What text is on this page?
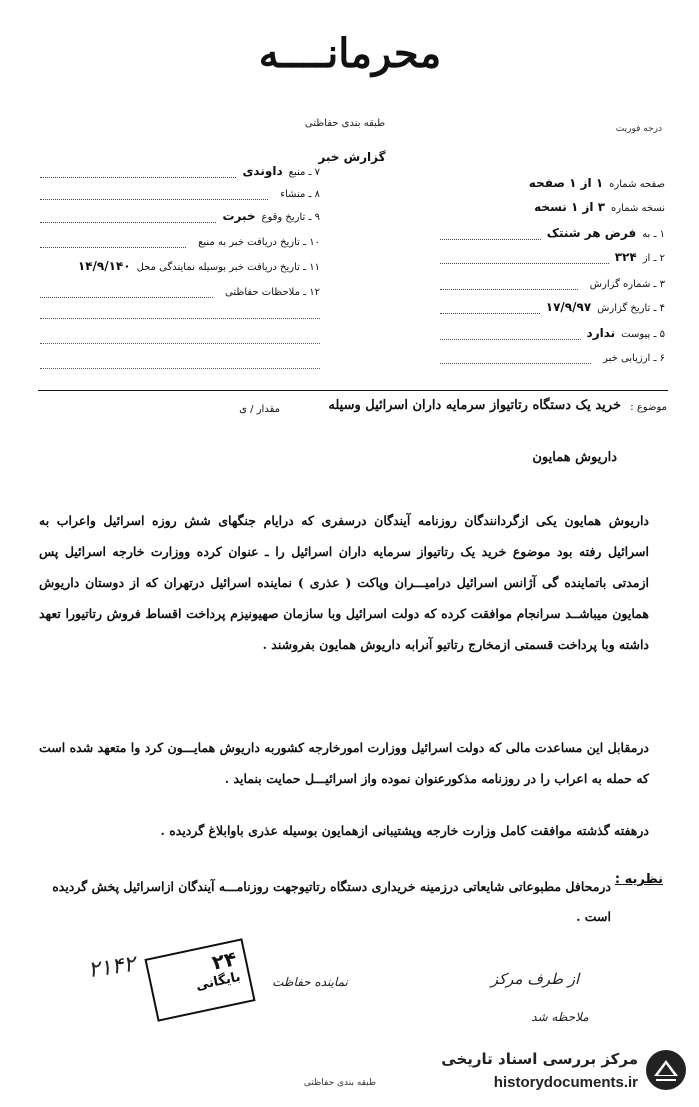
محرمانــــه
طبقه بندی حفاظتی
گزارش خبر
درجه فوریت
۷ ـ منبع
داوندی
۸ ـ منشاء
۹ ـ تاریخ وقوع
خبرت
۱۰ ـ تاریخ دریافت خبر به منبع
۱۱ ـ تاریخ دریافت خبر بوسیله نمایندگی محل
۱۴/۹/۱۴۰
۱۲ ـ ملاحظات حفاظتی
صفحه شماره
۱ از ۱ صفحه
نسخه شماره
۳ از ۱ نسخه
۱ ـ به
فرض هر شنتک
۲ ـ از
۳۲۴
۳ ـ شماره گزارش
۴ ـ تاریخ گزارش
۱۷/۹/۹۷
۵ ـ پیوست
ندارد
۶ ـ ارزیابی خبر
موضوع :
خرید یک دستگاه رتاتیواز سرمایه داران اسرائیل وسیله
مقدار / ی
داریوش همایون
داریوش همایون یکی ازگردانندگان روزنامه آیندگان درسفری که درایام جنگهای شش روزه اسرائیل واعراب به اسرائیل رفته بود موضوع خرید یک رتاتیواز سرمایه داران اسرائیل را ـ عنوان کرده ووزارت خارجه اسرائیل پس ازمدتی باتماینده گی آژانس اسرائیل درامیـــران وپاکت ( عذری ) نماینده اسرائیل درتهران که از دوستان داریوش همایون میباشــد سرانجام موافقت کرده که دولت اسرائیل وبا سازمان صهیونیزم پرداخت اقساط فروش رتاتیورا تعهد داشته وبا پرداخت قسمتی ازمخارج رتاتیو آنرابه داریوش همایون بفروشند .
درمقابل این مساعدت مالی که دولت اسرائیل ووزارت امورخارجه کشوربه داریوش همایـــون کرد وا متعهد شده است که حمله به اعراب را در روزنامه مذکورعنوان نموده واز اسرائیـــل حمایت بنماید .
درهفته گذشته موافقت کامل وزارت خارجه وپشتیبانی ازهمایون بوسیله عذری باوابلاغ گردیده .
نظریه :
درمحافل مطبوعاتی شایعاتی درزمینه خریداری دستگاه رتاتیوجهت روزنامـــه آیندگان ازاسرائیل پخش گردیده است .
۲۴
بایگانی
۲۱۴۲	نماینده حفاظت	از طرف مرکز
ملاحظه شد
طبقه بندی حفاظتی
مرکز بررسی اسناد تاریخی
historydocuments.ir
